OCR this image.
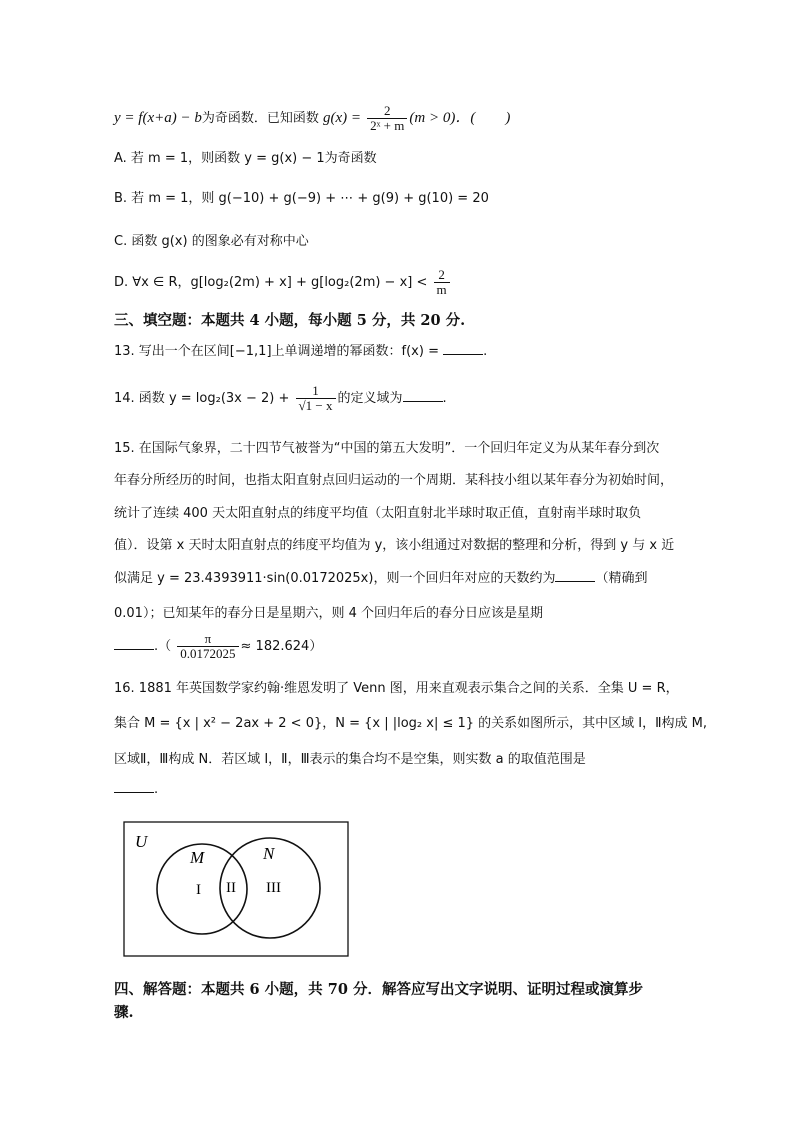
y = f(x+a) − b为奇函数．已知函数 $g(x) = \frac{2}{\text{2ˣ + m}} (m > 0)$．(　　)
A. 若 m = 1，则函数 y = g(x) − 1为奇函数
B. 若 m = 1，则 g(−10) + g(−9) + ⋯ + g(9) + g(10) = 20
C. 函数 g(x) 的图象必有对称中心
D. ∀x ∈ R，$g[\log_2(2m) + x] + g[\log_2(2m) - x] < \frac{2}{m}$
三、填空题：本题共 4 小题，每小题 5 分，共 20 分.
13. 写出一个在区间[−1,1]上单调递增的幂函数：f(x) =	.
14. 函数 $y = \log_2(3x - 2) + \frac{1}{√1 - x}$ 的定义域为	.
15. 在国际气象界，二十四节气被誉为“中国的第五大发明”．一个回归年定义为从某年春分到次
年春分所经历的时间，也指太阳直射点回归运动的一个周期．某科技小组以某年春分为初始时间，
统计了连续 400 天太阳直射点的纬度平均值（太阳直射北半球时取正值，直射南半球时取负
值）．设第 x 天时太阳直射点的纬度平均值为 y，该小组通过对数据的整理和分析，得到 y 与 x 近
似满足 y = 23.4393911·sin(0.0172025x)，则一个回归年对应的天数约为	（精确到
0.01）；已知某年的春分日是星期六，则 4 个回归年后的春分日应该是星期
.（ $\frac{\pi}{0.0172025} \approx 182.624$）
16. 1881 年英国数学家约翰·维恩发明了 Venn 图，用来直观表示集合之间的关系．全集 U = R，
集合 M = {x | x² − 2ax + 2 < 0}，N = {x | |log₂ x| ≤ 1} 的关系如图所示，其中区域 Ⅰ，Ⅱ构成 M,
区域Ⅱ，Ⅲ构成 N．若区域 Ⅰ，Ⅱ，Ⅲ表示的集合均不是空集，则实数 a 的取值范围是
.
U
M	N
I II III
四、解答题：本题共 6 小题，共 70 分．解答应写出文字说明、证明过程或演算步
骤.
